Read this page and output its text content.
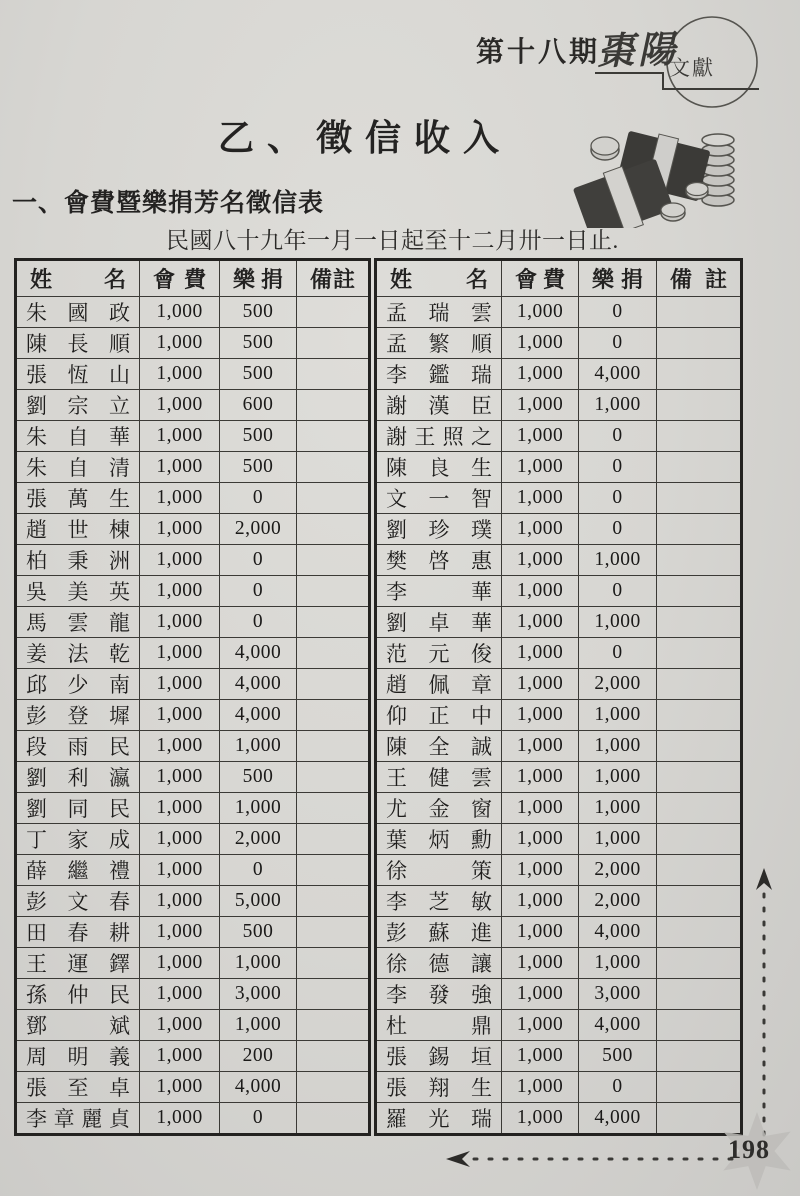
第十八期
棗陽
文獻
乙、徵信收入
一、會費暨樂捐芳名徵信表
民國八十九年一月一日起至十二月卅一日止.
姓 名	會 費	樂 捐	備 註

朱 國 政	1,000	500	

陳 長 順	1,000	500	

張 恆 山	1,000	500	

劉 宗 立	1,000	600	

朱 自 華	1,000	500	

朱 自 清	1,000	500	

張 萬 生	1,000	0	

趙 世 棟	1,000	2,000	

柏 秉 洲	1,000	0	

吳 美 英	1,000	0	

馬 雲 龍	1,000	0	

姜 法 乾	1,000	4,000	

邱 少 南	1,000	4,000	

彭 登 墀	1,000	4,000	

段 雨 民	1,000	1,000	

劉 利 瀛	1,000	500	

劉 同 民	1,000	1,000	

丁 家 成	1,000	2,000	

薛 繼 禮	1,000	0	

彭 文 春	1,000	5,000	

田 春 耕	1,000	500	

王 運 鐸	1,000	1,000	

孫 仲 民	1,000	3,000	

鄧 斌	1,000	1,000	

周 明 義	1,000	200	

張 至 卓	1,000	4,000	

李 章 麗 貞	1,000	0	
姓 名	會 費	樂 捐	備 註

孟 瑞 雲	1,000	0	

孟 繁 順	1,000	0	

李 鑑 瑞	1,000	4,000	

謝 漢 臣	1,000	1,000	

謝 王 照 之	1,000	0	

陳 良 生	1,000	0	

文 一 智	1,000	0	

劉 珍 璞	1,000	0	

樊 啓 惠	1,000	1,000	

李 華	1,000	0	

劉 卓 華	1,000	1,000	

范 元 俊	1,000	0	

趙 佩 章	1,000	2,000	

仰 正 中	1,000	1,000	

陳 全 誠	1,000	1,000	

王 健 雲	1,000	1,000	

尤 金 窗	1,000	1,000	

葉 炳 勳	1,000	1,000	

徐 策	1,000	2,000	

李 芝 敏	1,000	2,000	

彭 蘇 進	1,000	4,000	

徐 德 讓	1,000	1,000	

李 發 強	1,000	3,000	

杜 鼎	1,000	4,000	

張 錫 垣	1,000	500	

張 翔 生	1,000	0	

羅 光 瑞	1,000	4,000	
198
